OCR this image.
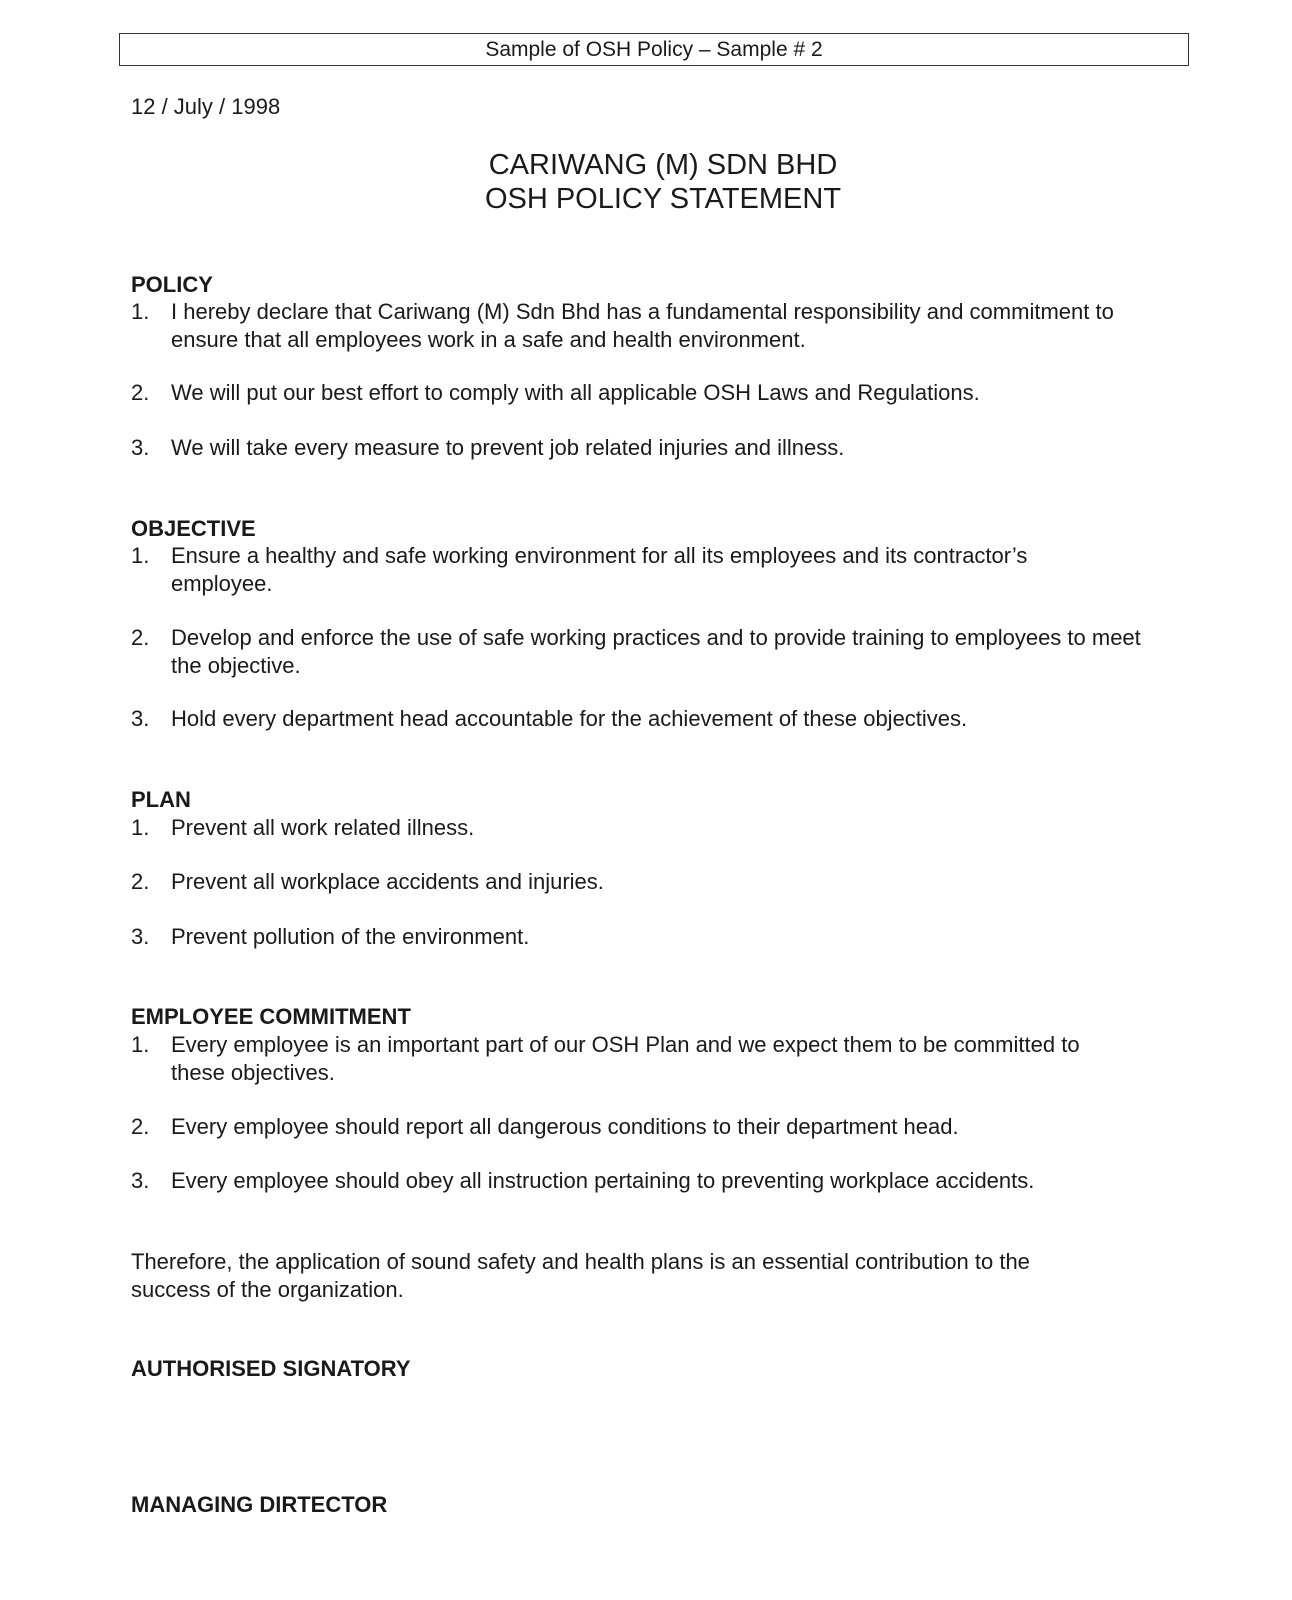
Sample of OSH Policy – Sample # 2
12 / July / 1998
CARIWANG (M) SDN BHD
OSH POLICY STATEMENT
POLICY
1. I hereby declare that Cariwang (M) Sdn Bhd has a fundamental responsibility and commitment to ensure that all employees work in a safe and health environment.
2. We will put our best effort to comply with all applicable OSH Laws and Regulations.
3. We will take every measure to prevent job related injuries and illness.
OBJECTIVE
1. Ensure a healthy and safe working environment for all its employees and its contractor’s employee.
2. Develop and enforce the use of safe working practices and to provide training to employees to meet the objective.
3. Hold every department head accountable for the achievement of these objectives.
PLAN
1. Prevent all work related illness.
2. Prevent all workplace accidents and injuries.
3. Prevent pollution of the environment.
EMPLOYEE COMMITMENT
1. Every employee is an important part of our OSH Plan and we expect them to be committed to these objectives.
2. Every employee should report all dangerous conditions to their department head.
3. Every employee should obey all instruction pertaining to preventing workplace accidents.
Therefore, the application of sound safety and health plans is an essential contribution to the success of the organization.
AUTHORISED SIGNATORY
MANAGING DIRTECTOR
